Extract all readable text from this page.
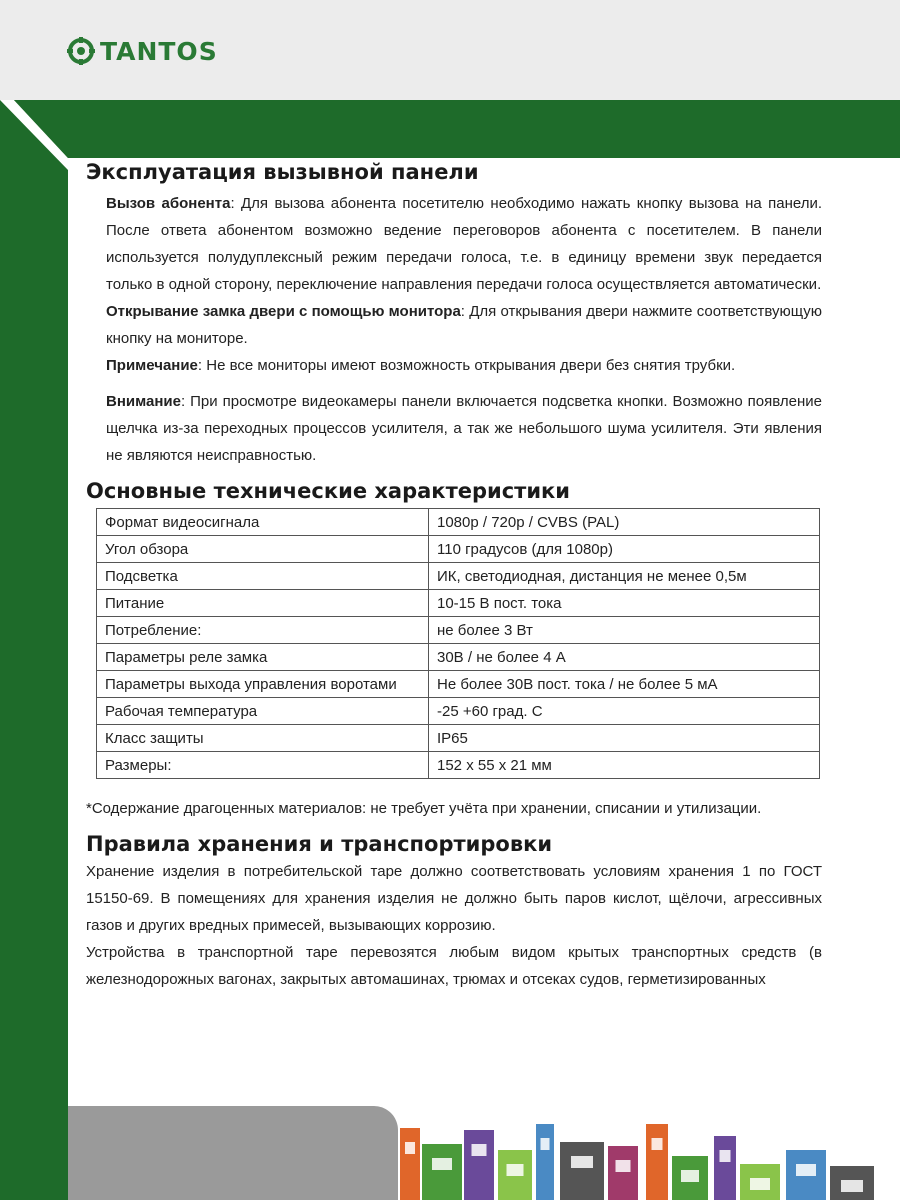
TANTOS
Эксплуатация вызывной панели

Вызов абонента: Для вызова абонента посетителю необходимо нажать кнопку вызова на панели. После ответа абонентом возможно ведение переговоров абонента с посетителем. В панели используется полудуплексный режим передачи голоса, т.е. в единицу времени звук передается только в одной сторону, переключение направления передачи голоса осуществляется автоматически.

Открывание замка двери с помощью монитора: Для открывания двери нажмите соответствующую кнопку на мониторе.

Примечание: Не все мониторы имеют возможность открывания двери без снятия трубки.

Внимание: При просмотре видеокамеры панели включается подсветка кнопки. Возможно появление щелчка из-за переходных процессов усилителя, а так же небольшого шума усилителя. Эти явления не являются неисправностью.

Основные технические характеристики
Формат видеосигнала	1080p / 720p / CVBS (PAL)
Угол обзора	110 градусов (для 1080p)
Подсветка	ИК, светодиодная, дистанция не менее 0,5м
Питание	10-15 В пост. тока
Потребление:	не более 3 Вт
Параметры реле замка	30В / не более 4 А
Параметры выхода управления воротами	Не более 30В пост. тока / не более 5 мА
Рабочая температура	-25 +60 град. С
Класс защиты	IP65
Размеры:	152 х 55 х 21 мм

*Содержание драгоценных материалов: не требует учёта при хранении, списании и утилизации.

Правила хранения и транспортировки

Хранение изделия в потребительской таре должно соответствовать условиям хранения 1 по ГОСТ 15150-69. В помещениях для хранения изделия не должно быть паров кислот, щёлочи, агрессивных газов и других вредных примесей, вызывающих коррозию.

Устройства в транспортной таре перевозятся любым видом крытых транспортных средств (в железнодорожных вагонах, закрытых автомашинах, трюмах и отсеках судов, герметизированных
